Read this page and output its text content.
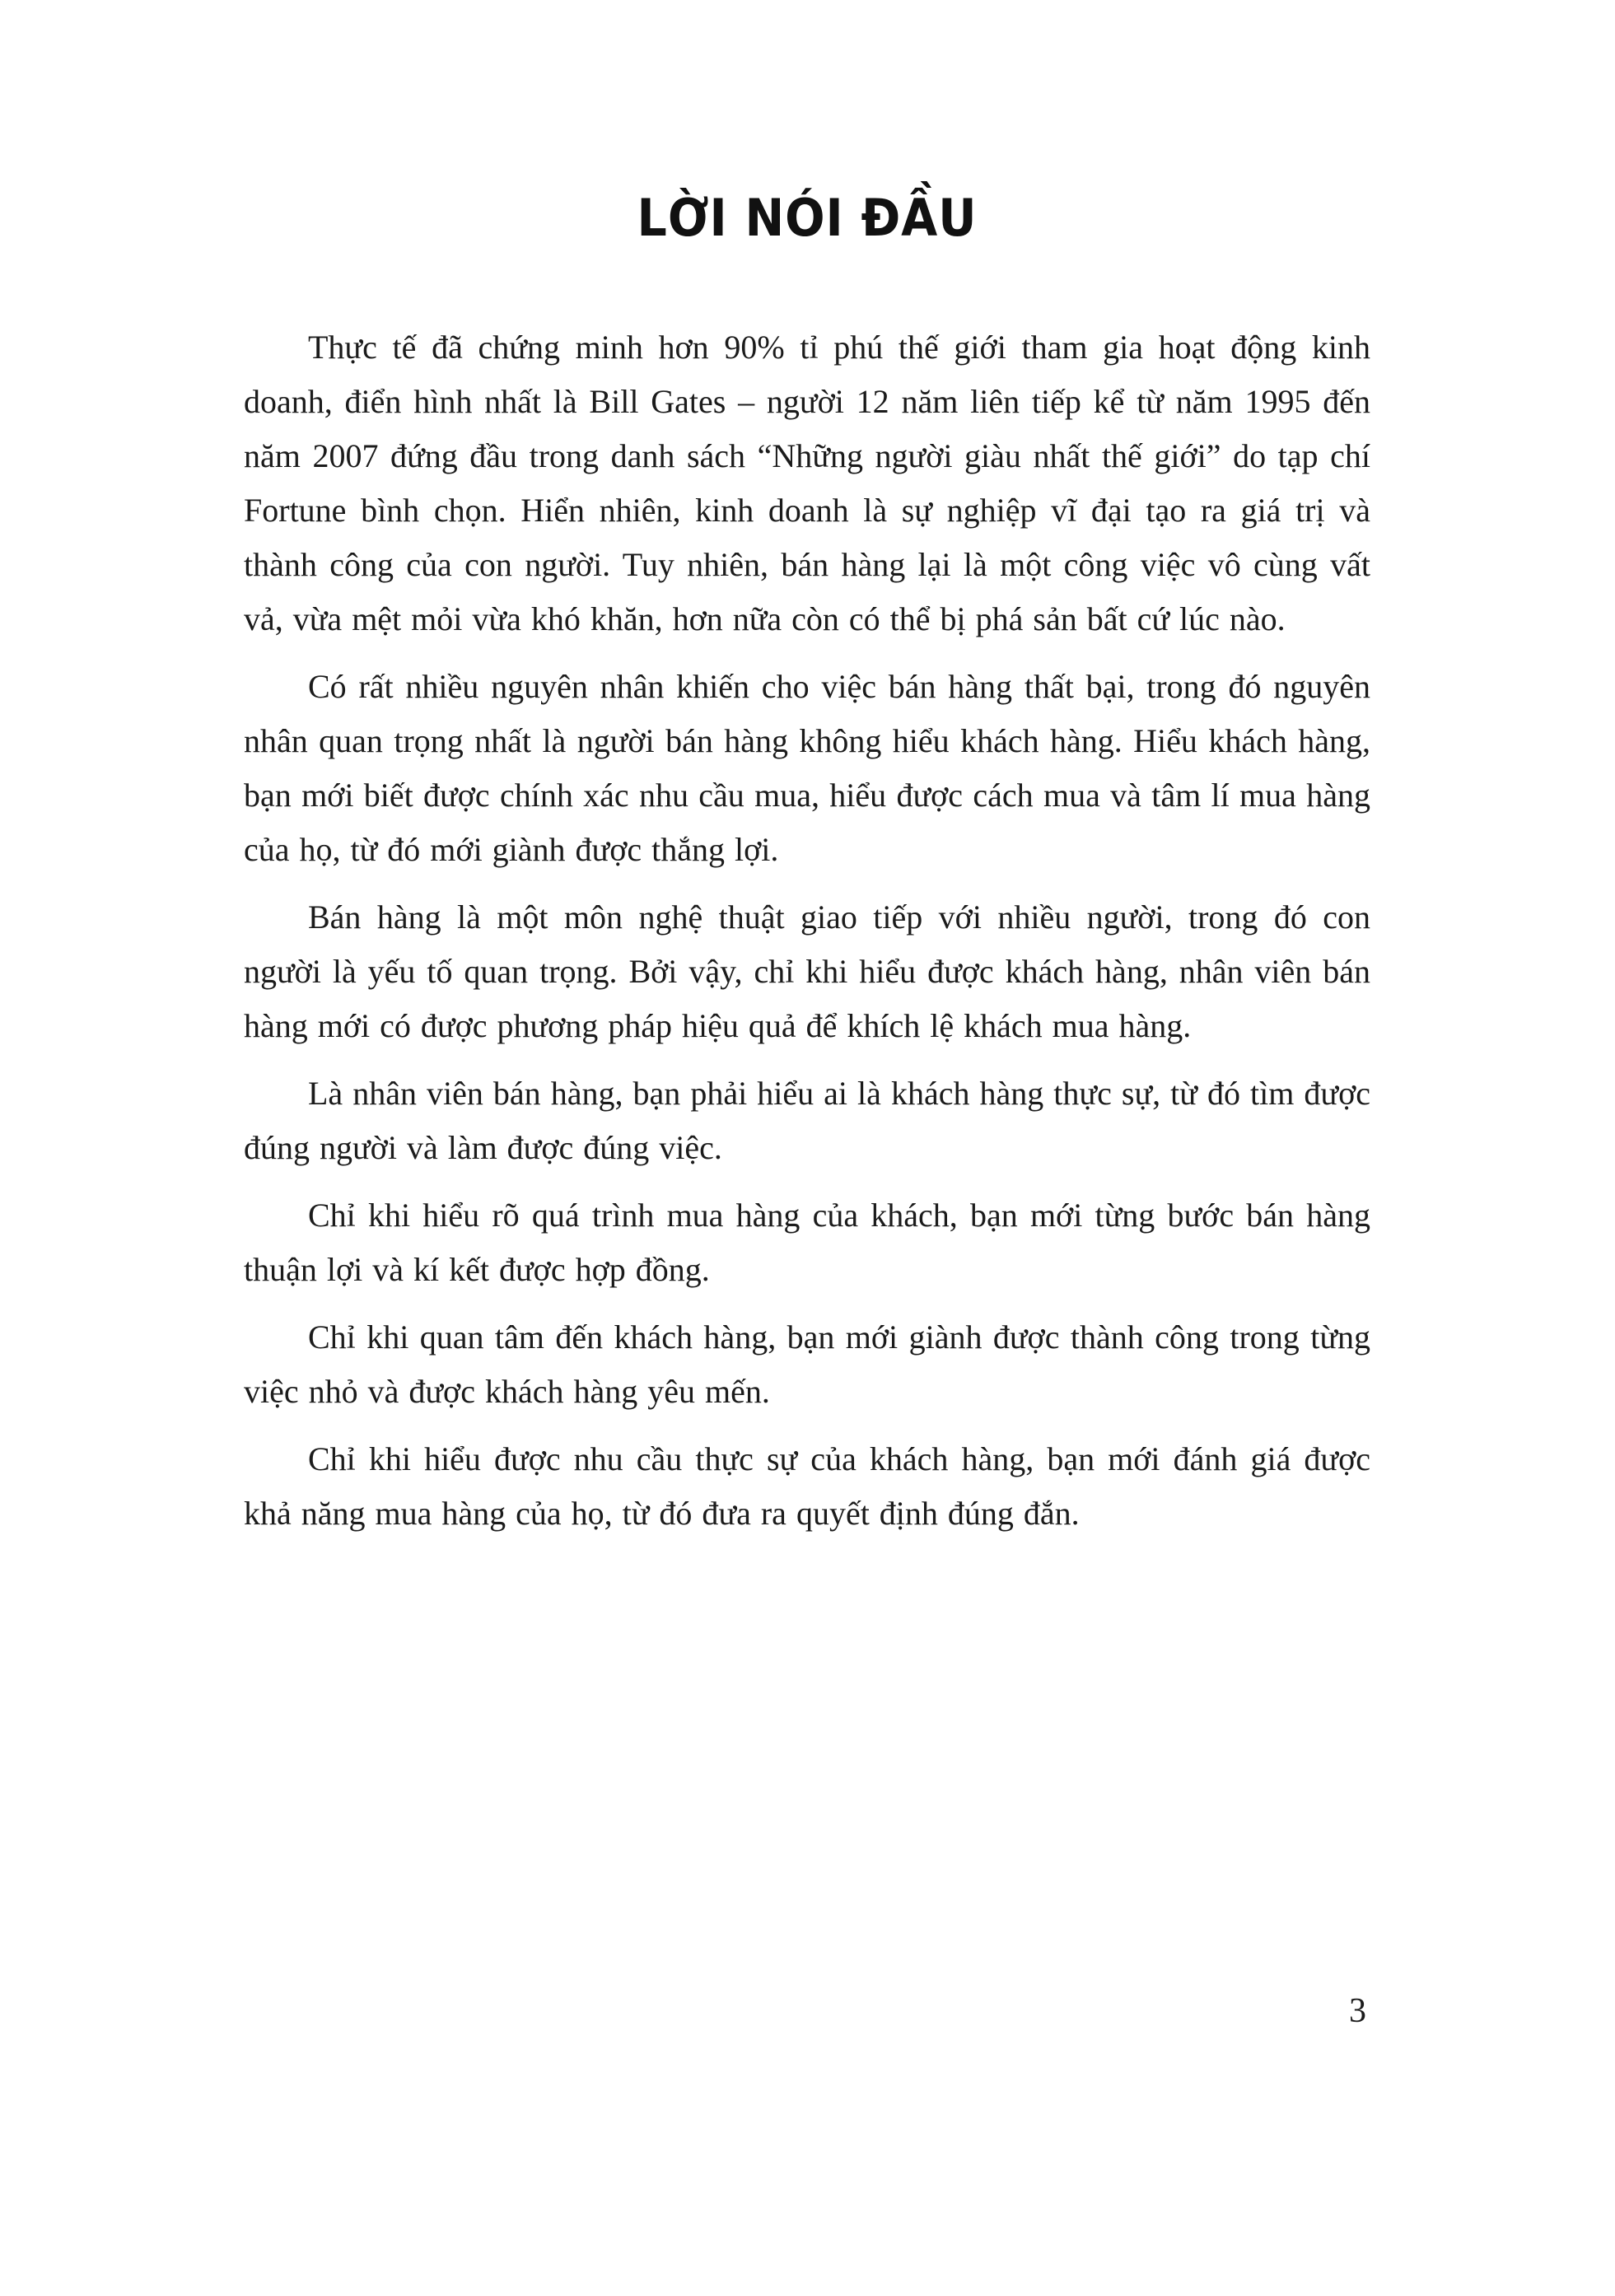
LỜI NÓI ĐẦU

Thực tế đã chứng minh hơn 90% tỉ phú thế giới tham gia hoạt động kinh doanh, điển hình nhất là Bill Gates – người 12 năm liên tiếp kể từ năm 1995 đến năm 2007 đứng đầu trong danh sách “Những người giàu nhất thế giới” do tạp chí Fortune bình chọn. Hiển nhiên, kinh doanh là sự nghiệp vĩ đại tạo ra giá trị và thành công của con người. Tuy nhiên, bán hàng lại là một công việc vô cùng vất vả, vừa mệt mỏi vừa khó khăn, hơn nữa còn có thể bị phá sản bất cứ lúc nào.

Có rất nhiều nguyên nhân khiến cho việc bán hàng thất bại, trong đó nguyên nhân quan trọng nhất là người bán hàng không hiểu khách hàng. Hiểu khách hàng, bạn mới biết được chính xác nhu cầu mua, hiểu được cách mua và tâm lí mua hàng của họ, từ đó mới giành được thắng lợi.

Bán hàng là một môn nghệ thuật giao tiếp với nhiều người, trong đó con người là yếu tố quan trọng. Bởi vậy, chỉ khi hiểu được khách hàng, nhân viên bán hàng mới có được phương pháp hiệu quả để khích lệ khách mua hàng.

Là nhân viên bán hàng, bạn phải hiểu ai là khách hàng thực sự, từ đó tìm được đúng người và làm được đúng việc.

Chỉ khi hiểu rõ quá trình mua hàng của khách, bạn mới từng bước bán hàng thuận lợi và kí kết được hợp đồng.

Chỉ khi quan tâm đến khách hàng, bạn mới giành được thành công trong từng việc nhỏ và được khách hàng yêu mến.

Chỉ khi hiểu được nhu cầu thực sự của khách hàng, bạn mới đánh giá được khả năng mua hàng của họ, từ đó đưa ra quyết định đúng đắn.

3
